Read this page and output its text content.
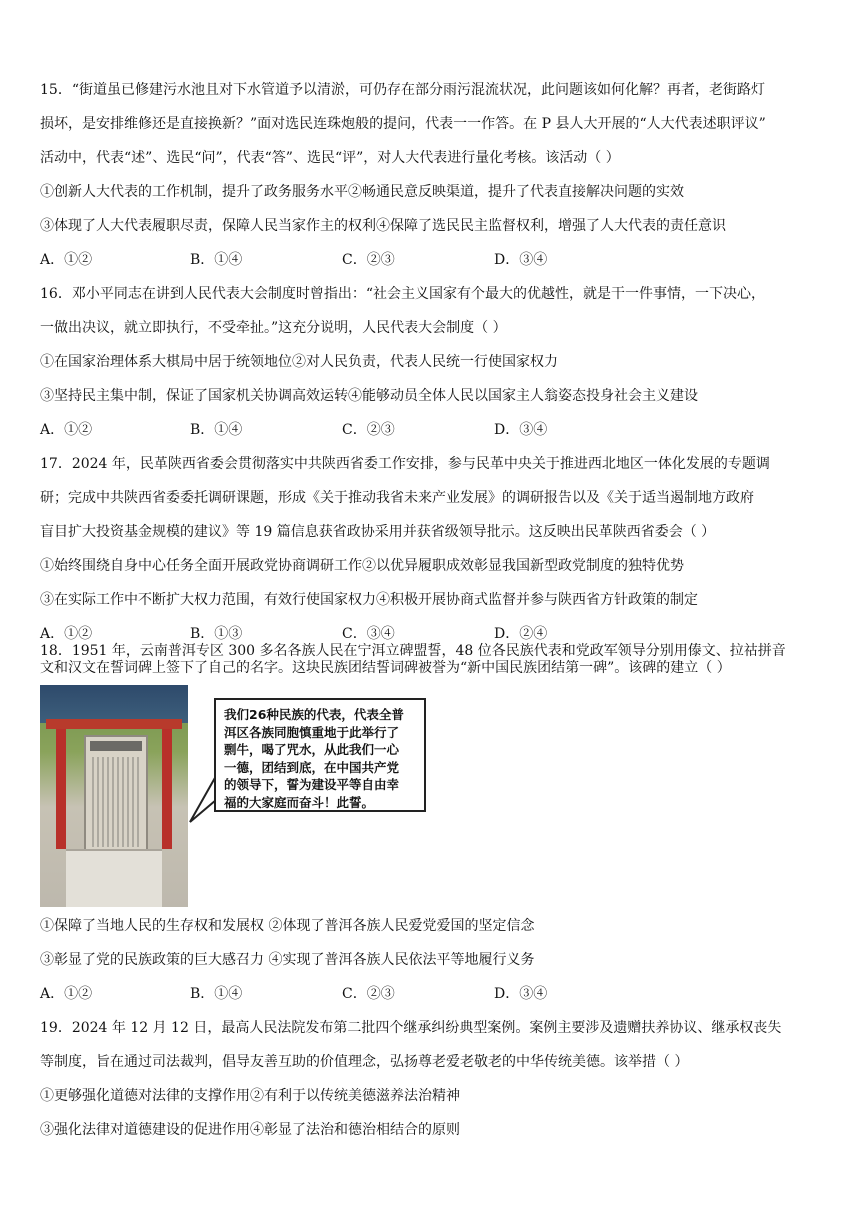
15．“街道虽已修建污水池且对下水管道予以清淤，可仍存在部分雨污混流状况，此问题该如何化解？再者，老街路灯
损坏，是安排维修还是直接换新？”面对选民连珠炮般的提问，代表一一作答。在 P 县人大开展的“人大代表述职评议”
活动中，代表“述”、选民“问”，代表“答”、选民“评”，对人大代表进行量化考核。该活动（ ）
①创新人大代表的工作机制，提升了政务服务水平②畅通民意反映渠道，提升了代表直接解决问题的实效
③体现了人大代表履职尽责，保障人民当家作主的权利④保障了选民民主监督权利，增强了人大代表的责任意识
A．①②	B．①④	C．②③	D．③④
16．邓小平同志在讲到人民代表大会制度时曾指出：“社会主义国家有个最大的优越性，就是干一件事情，一下决心，
一做出决议，就立即执行，不受牵扯。”这充分说明，人民代表大会制度（ ）
①在国家治理体系大棋局中居于统领地位②对人民负责，代表人民统一行使国家权力
③坚持民主集中制，保证了国家机关协调高效运转④能够动员全体人民以国家主人翁姿态投身社会主义建设
A．①②	B．①④	C．②③	D．③④
17．2024 年，民革陕西省委会贯彻落实中共陕西省委工作安排，参与民革中央关于推进西北地区一体化发展的专题调
研；完成中共陕西省委委托调研课题，形成《关于推动我省未来产业发展》的调研报告以及《关于适当遏制地方政府
盲目扩大投资基金规模的建议》等 19 篇信息获省政协采用并获省级领导批示。这反映出民革陕西省委会（ ）
①始终围绕自身中心任务全面开展政党协商调研工作②以优异履职成效彰显我国新型政党制度的独特优势
③在实际工作中不断扩大权力范围，有效行使国家权力④积极开展协商式监督并参与陕西省方针政策的制定
A．①②	B．①③	C．③④	D．②④
18．1951 年，云南普洱专区 300 多名各族人民在宁洱立碑盟誓，48 位各民族代表和党政军领导分别用傣文、拉祜拼音
我们26种民族的代表，代表全普
洱区各族同胞慎重地于此举行了
剽牛，喝了咒水，从此我们一心
一德，团结到底，在中国共产党
的领导下，誓为建设平等自由幸
福的大家庭而奋斗！此誓。
①保障了当地人民的生存权和发展权 ②体现了普洱各族人民爱党爱国的坚定信念
③彰显了党的民族政策的巨大感召力 ④实现了普洱各族人民依法平等地履行义务
A．①②	B．①④	C．②③	D．③④
19．2024 年 12 月 12 日，最高人民法院发布第二批四个继承纠纷典型案例。案例主要涉及遗赠扶养协议、继承权丧失
等制度，旨在通过司法裁判，倡导友善互助的价值理念，弘扬尊老爱老敬老的中华传统美德。该举措（ ）
①更够强化道德对法律的支撑作用②有利于以传统美德滋养法治精神
③强化法律对道德建设的促进作用④彰显了法治和德治相结合的原则
文和汉文在誓词碑上签下了自己的名字。这块民族团结誓词碑被誉为“新中国民族团结第一碑”。该碑的建立（ ）
